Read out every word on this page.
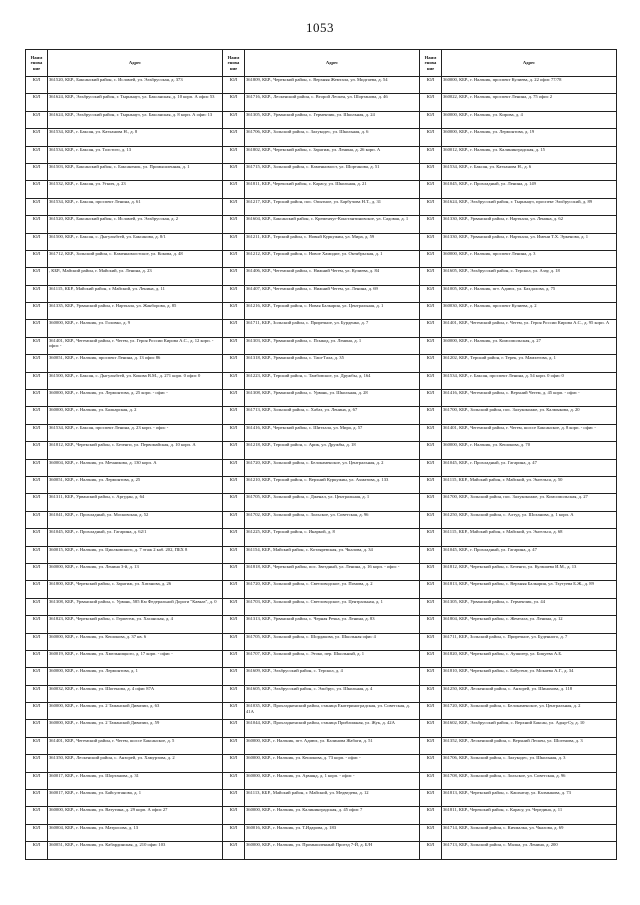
1053
Наим енова ние	Адрес	Наим енова ние	Адрес	Наим енова ние	Адрес
ЮЛ	361520, КБР., Баксанский район, с. Исламей, ул. Эльбрусская, д. 373	ЮЛ	361809, КБР., Черекский район, с. Верхняя Жемтала, ул. Мидгаева, д. 54	ЮЛ	360000, КБР., г. Нальчик, проспект Кулиева, д. 22 офис 77/78
ЮЛ	361624, КБР., Эльбрусский район, г. Тырныауз, ул. Баксанская, д. 10 корп. А офис 53	ЮЛ	361716, КБР., Лескенский район, с. Второй Лескен, ул. Шортанова, д. 46	ЮЛ	360022, КБР., г. Нальчик, проспект Ленина, д. 75 офис 2
ЮЛ	361624, КБР., Эльбрусский район, г. Тырныауз, ул. Баксанская, д. 8 корп. А офис 13	ЮЛ	361305, КБР., Урванский район, с. Герменчик, ул. Школьная, д. 24	ЮЛ	360000, КБР., г. Нальчик, ул. Кирова, д. 4
ЮЛ	361534, КБР., г. Баксан, ул. Катханова Н., д. 8	ЮЛ	361706, КБР., Зольский район, с. Залукодес, ул. Школьная, д. 6	ЮЛ	360000, КБР., г. Нальчик, ул. Лермонтова, д. 19
ЮЛ	361534, КБР., г. Баксан, ул. Толстого, д. 13	ЮЛ	361802, КБР., Черекский район, с. Зарагиж, ул. Ленина, д. 26 корп. А	ЮЛ	360012, КБР., г. Нальчик, ул. Калининградская, д. 15
ЮЛ	361503, КБР., Баксанский район, с. Баксаненок, ул. Промышленная, д. 1	ЮЛ	361715, КБР., Зольский район, с. Каменномост, ул. Шортанова, д. 51	ЮЛ	361534, КБР., г. Баксан, ул. Катханова Н., д. 6
ЮЛ	361532, КБР., г. Баксан, ул. Угнич, д. 23	ЮЛ	361811, КБР., Черекский район, с. Карасу, ул. Школьная, д. 21	ЮЛ	361045, КБР., г. Прохладный, ул. Ленина, д. 149
ЮЛ	361534, КБР., г. Баксан, проспект Ленина, д. 61	ЮЛ	361217, КБР., Терский район, пос. Опытное, ул. Барбучова Н.Т., д. 31	ЮЛ	361624, КБР., Эльбрусский район, г. Тырныауз, проспект Эльбрусский, д. 89
ЮЛ	361520, КБР., Баксанский район, с. Исламей, ул. Эльбрусская, д. 2	ЮЛ	361604, КБР., Баксанский район, с. Кременчуг-Константиновское, ул. Садовая, д. 1	ЮЛ	361330, КБР., Урванский район, г. Нарткала, ул. Ленина, д. 62
ЮЛ	361500, КБР., г. Баксан, с. Дыгулыбгей, ул. Баксанова, д. 8/1	ЮЛ	361211, КБР., Терский район, с. Новый Куркужин, ул. Мира, д. 59	ЮЛ	361330, КБР., Урванский район, г. Нарткала, ул. Имени Т.Х. Эркенова, д. 1
ЮЛ	361712, КБР., Зольский район, с. Каменномостское, ул. Кокова, д. 48	ЮЛ	361212, КБР., Терский район, с. Новое Хамидие, ул. Октябрьская, д. 1	ЮЛ	360000, КБР., г. Нальчик, проспект Ленина, д. 3
ЮЛ	, КБР., Майский район, г. Майский, ул. Ленина, д. 23	ЮЛ	361406, КБР., Чегемский район, с. Нижний Чегем, ул. Кулиева, д. 84	ЮЛ	361605, КБР., Эльбрусский район, с. Терскол, ул. Азау, д. 18
ЮЛ	361115, КБР., Майский район, г. Майский, ул. Ленина, д. 11	ЮЛ	361407, КБР., Чегемский район, с. Нижний Чегем, ул. Ленина, д. 69	ЮЛ	361005, КБР., г. Нальчик, пгт. Адиюх, ул. Бахдалова, д. 75
ЮЛ	361335, КБР., Урванский район, г. Нарткала, ул. Жанборова, д. 85	ЮЛ	361216, КБР., Терский район, с. Новая Балкария, ул. Центральная, д. 1	ЮЛ	360030, КБР., г. Нальчик, проспект Кулиева, д. 2
ЮЛ	360000, КБР., г. Нальчик, ул. Головко, д. 9	ЮЛ	361711, КБР., Зольский район, с. Приречное, ул. Бурденко, д. 7	ЮЛ	361401, КБР., Чегемский район, г. Чегем, ул. Героя России Кирова А.С., д. 95 корп. А
ЮЛ	361401, КБР., Чегемский район, г. Чегем, ул. Героя России Кирова А.С., д. 12 корп. - офис -	ЮЛ	361303, КБР., Урванский район, с. Псыкод, ул. Ленина, д. 1	ЮЛ	360000, КБР., г. Нальчик, ул. Комсомольская, д. 27
ЮЛ	360051, КБР., г. Нальчик, проспект Ленина, д. 13 офис 86	ЮЛ	361318, КБР., Урванский район, с. Таш-Тала, д. 35	ЮЛ	361202, КБР., Терский район, г. Терек, ул. Мамхегова, д. 1
ЮЛ	361500, КБР., г. Баксан, с. Дыгулыбгей, ул. Кокова В.М., д. 271 корп. 0 офис 0	ЮЛ	361223, КБР., Терский район, с. Тамбовское, ул. Дружбы, д. 164	ЮЛ	361534, КБР., г. Баксан, проспект Ленина, д. 54 корп. 0 офис 0
ЮЛ	360000, КБР., г. Нальчик, ул. Лермонтова, д. 25 корп. - офис -	ЮЛ	361308, КБР., Урванский район, с. Урвань, ул. Школьная, д. 28	ЮЛ	361416, КБР., Чегемский район, с. Верхний Чегем, д. 45 корп. - офис -
ЮЛ	360000, КБР., г. Нальчик, ул. Балкарская, д. 2	ЮЛ	361713, КБР., Зольский район, с. Хабаз, ул. Ленина, д. 67	ЮЛ	361700, КБР., Зольский район, пос. Залукокоаже, ул. Калмыкова, д. 20
ЮЛ	361534, КБР., г. Баксан, проспект Ленина, д. 23 корп. - офис -	ЮЛ	361416, КБР., Черекский район, с. Шитхала, ул. Мира, д. 57	ЮЛ	361401, КБР., Чегемский район, г. Чегем, шоссе Баксанское, д. 8 корп. - офис -
ЮЛ	361812, КБР., Черекский район, с. Безенги, ул. Первомайская, д. 10 корп. А	ЮЛ	361218, КБР., Терский район, с. Арик, ул. Дружбы, д. 18	ЮЛ	360000, КБР., г. Нальчик, ул. Кешокова, д. 70
ЮЛ	360004, КБР., г. Нальчик, ул. Мечникова, д. 130 корп. А	ЮЛ	361720, КБР., Зольский район, с. Белокаменское, ул. Центральная, д. 2	ЮЛ	361045, КБР., г. Прохладный, ул. Гагарина, д. 47
ЮЛ	360051, КБР., г. Нальчик, ул. Лермонтова, д. 25	ЮЛ	361210, КБР., Терский район, с. Верхний Куркужин, ул. Ахматова, д. 133	ЮЛ	361115, КБР., Майский район, г. Майский, ул. Энгельса, д. 50
ЮЛ	361311, КБР., Урванский район, с. Аргудан, д. 64	ЮЛ	361705, КБР., Зольский район, с. Дженал, ул. Центральная, д. 1	ЮЛ	361700, КБР., Зольский район, пос. Залукокоаже, ул. Комсомольская, д. 27
ЮЛ	361041, КБР., г. Прохладный, ул. Московская, д. 52	ЮЛ	361702, КБР., Зольский район, с. Зольское, ул. Советская, д. 96	ЮЛ	361250, КБР., Зольский район, с. Алтуд, ул. Шоханова, д. 1 корп. А
ЮЛ	361045, КБР., г. Прохладный, ул. Гагарина, д. 62/1	ЮЛ	361225, КБР., Терский район, с. Инаркой, д. 8	ЮЛ	361115, КБР., Майский район, г. Майский, ул. Энгельса, д. 68
ЮЛ	360015, КБР., г. Нальчик, ул. Циолковского, д. 7 этаж 2 каб. 202, ПБХ 8	ЮЛ	361154, КБР., Майский район, с. Котляревская, ул. Чкалова, д. 34	ЮЛ	361045, КБР., г. Прохладный, ул. Гагарина, д. 47
ЮЛ	360000, КБР., г. Нальчик, ул. Ленина 3-й, д. 13	ЮЛ	361818, КБР., Черекский район, пос. Звездный, ул. Ленина, д. 16 корп. - офис -	ЮЛ	361812, КБР., Черекский район, с. Безенги, ул. Кульчаева И.М., д. 13
ЮЛ	361800, КБР., Черекский район, с. Зарагиж, ул. Хатанова, д. 26	ЮЛ	361720, КБР., Зольский район, с. Светловодское, ул. Помова, д. 2	ЮЛ	361813, КБР., Черекский район, с. Верхняя Балкария, ул. Тхутуева Б.Ж., д. 89
ЮЛ	361308, КБР., Урванский район, с. Урвань, 585 Км Федеральной Дороги "Кавказ", д. 0	ЮЛ	361703, КБР., Зольский район, с. Светловодское, ул. Центральная, д. 1	ЮЛ	361305, КБР., Урванский район, с. Герменчик, ул. 44
ЮЛ	361823, КБР., Черекский район, с. Герпегеж, ул. Хасанская, д. 4	ЮЛ	361313, КБР., Урванский район, с. Черная Речка, ул. Ленина, д. 83	ЮЛ	361804, КБР., Черекский район, с. Жемтала, ул. Ленина, д. 12
ЮЛ	360000, КБР., г. Нальчик, ул. Кешокова, д. 37 кв. 6	ЮЛ	361705, КБР., Зольский район, с. Шордакова, ул. Школьная офис 4	ЮЛ	361711, КБР., Зольский район, с. Приречное, ул. Буденного, д. 7
ЮЛ	360019, КБР., г. Нальчик, ул. Хмельницкого, д. 17 корп. - офис -	ЮЛ	361707, КБР., Зольский район, с. Этоко, пер. Школьный, д. 1	ЮЛ	361820, КБР., Черекский район, с. Аушигер, ул. Бицуева А.Б.
ЮЛ	360000, КБР., г. Нальчик, ул. Лермонтова, д. 1	ЮЛ	361609, КБР., Эльбрусский район, с. Терскол, д. 4	ЮЛ	361810, КБР., Черекский район, с. Бабугент, ул. Мокаева А.Г., д. 34
ЮЛ	360032, КБР., г. Нальчик, ул. Шогенова, д. 4 офис 87А	ЮЛ	361605, КБР., Эльбрусский район, с. Эльбрус, ул. Школьная, д. 4	ЮЛ	361250, КБР., Лескенский район, с. Анзорей, ул. Шинахова, д. 118
ЮЛ	360000, КБР., г. Нальчик, ул. 2 Таманской Дивизии, д. 63	ЮЛ	361035, КБР., Прохладненский район, станица Екатериноградская, ул. Советская, д. 41А	ЮЛ	361720, КБР., Зольский район, с. Белокаменское, ул. Центральная, д. 2
ЮЛ	360000, КБР., г. Нальчик, ул. 2 Таманской Дивизии, д. 59	ЮЛ	361044, КБР., Прохладненский район, станица Приближная, ул. Жук, д. 42А	ЮЛ	361602, КБР., Эльбрусский район, с. Верхний Баксан, ул. Адыр-Су, д. 10
ЮЛ	361401, КБР., Чегемский район, г. Чегем, шоссе Баксанское, д. 5	ЮЛ	360000, КБР., г. Нальчик, пгт. Адиюх, ул. Калинова Жабаги, д. 51	ЮЛ	361352, КБР., Лескенский район, с. Верхний Лескен, ул. Шогенова, д. 3
ЮЛ	361350, КБР., Лескенский район, с. Анзорей, ул. Хамурзова, д. 2	ЮЛ	360000, КБР., г. Нальчик, ул. Кешокова, д. 73 корп. - офис -	ЮЛ	361706, КБР., Зольский район, с. Залукодес, ул. Школьная, д. 3
ЮЛ	360017, КБР., г. Нальчик, ул. Шортанова, д. 31	ЮЛ	360000, КБР., г. Нальчик, ул. Армянд, д. 1 корп. - офис -	ЮЛ	361708, КБР., Зольский район, с. Зольское, ул. Советская, д. 96
ЮЛ	360017, КБР., г. Нальчик, ул. Байсултанова, д. 1	ЮЛ	361113, КБР., Майский район, г. Майский, ул. Медведева, д. 12	ЮЛ	361813, КБР., Черекский район, с. Кашхатау, ул. Калмыкова, д. 73
ЮЛ	360000, КБР., г. Нальчик, ул. Ватутина, д. 29 корп. А офис 27	ЮЛ	360000, КБР., г. Нальчик, ул. Калининградская, д. 45 офис 7	ЮЛ	361811, КБР., Черекский район, с. Карасу, ул. Чередина, д. 11
ЮЛ	360004, КБР., г. Нальчик, ул. Матросова, д. 13	ЮЛ	360016, КБР., г. Нальчик, ул. Т.Идарова, д. 183	ЮЛ	361714, КБР., Зольский район, с. Кичмалка, ул. Чкалова, д. 69
ЮЛ	360051, КБР., г. Нальчик, ул. Кабардинская, д. 210 офис 103	ЮЛ	360000, КБР., г. Нальчик, ул. Промышленный Проезд 7-Й, д. Б/Н	ЮЛ	361713, КБР., Зольский район, с. Малка, ул. Ленина, д. 200
